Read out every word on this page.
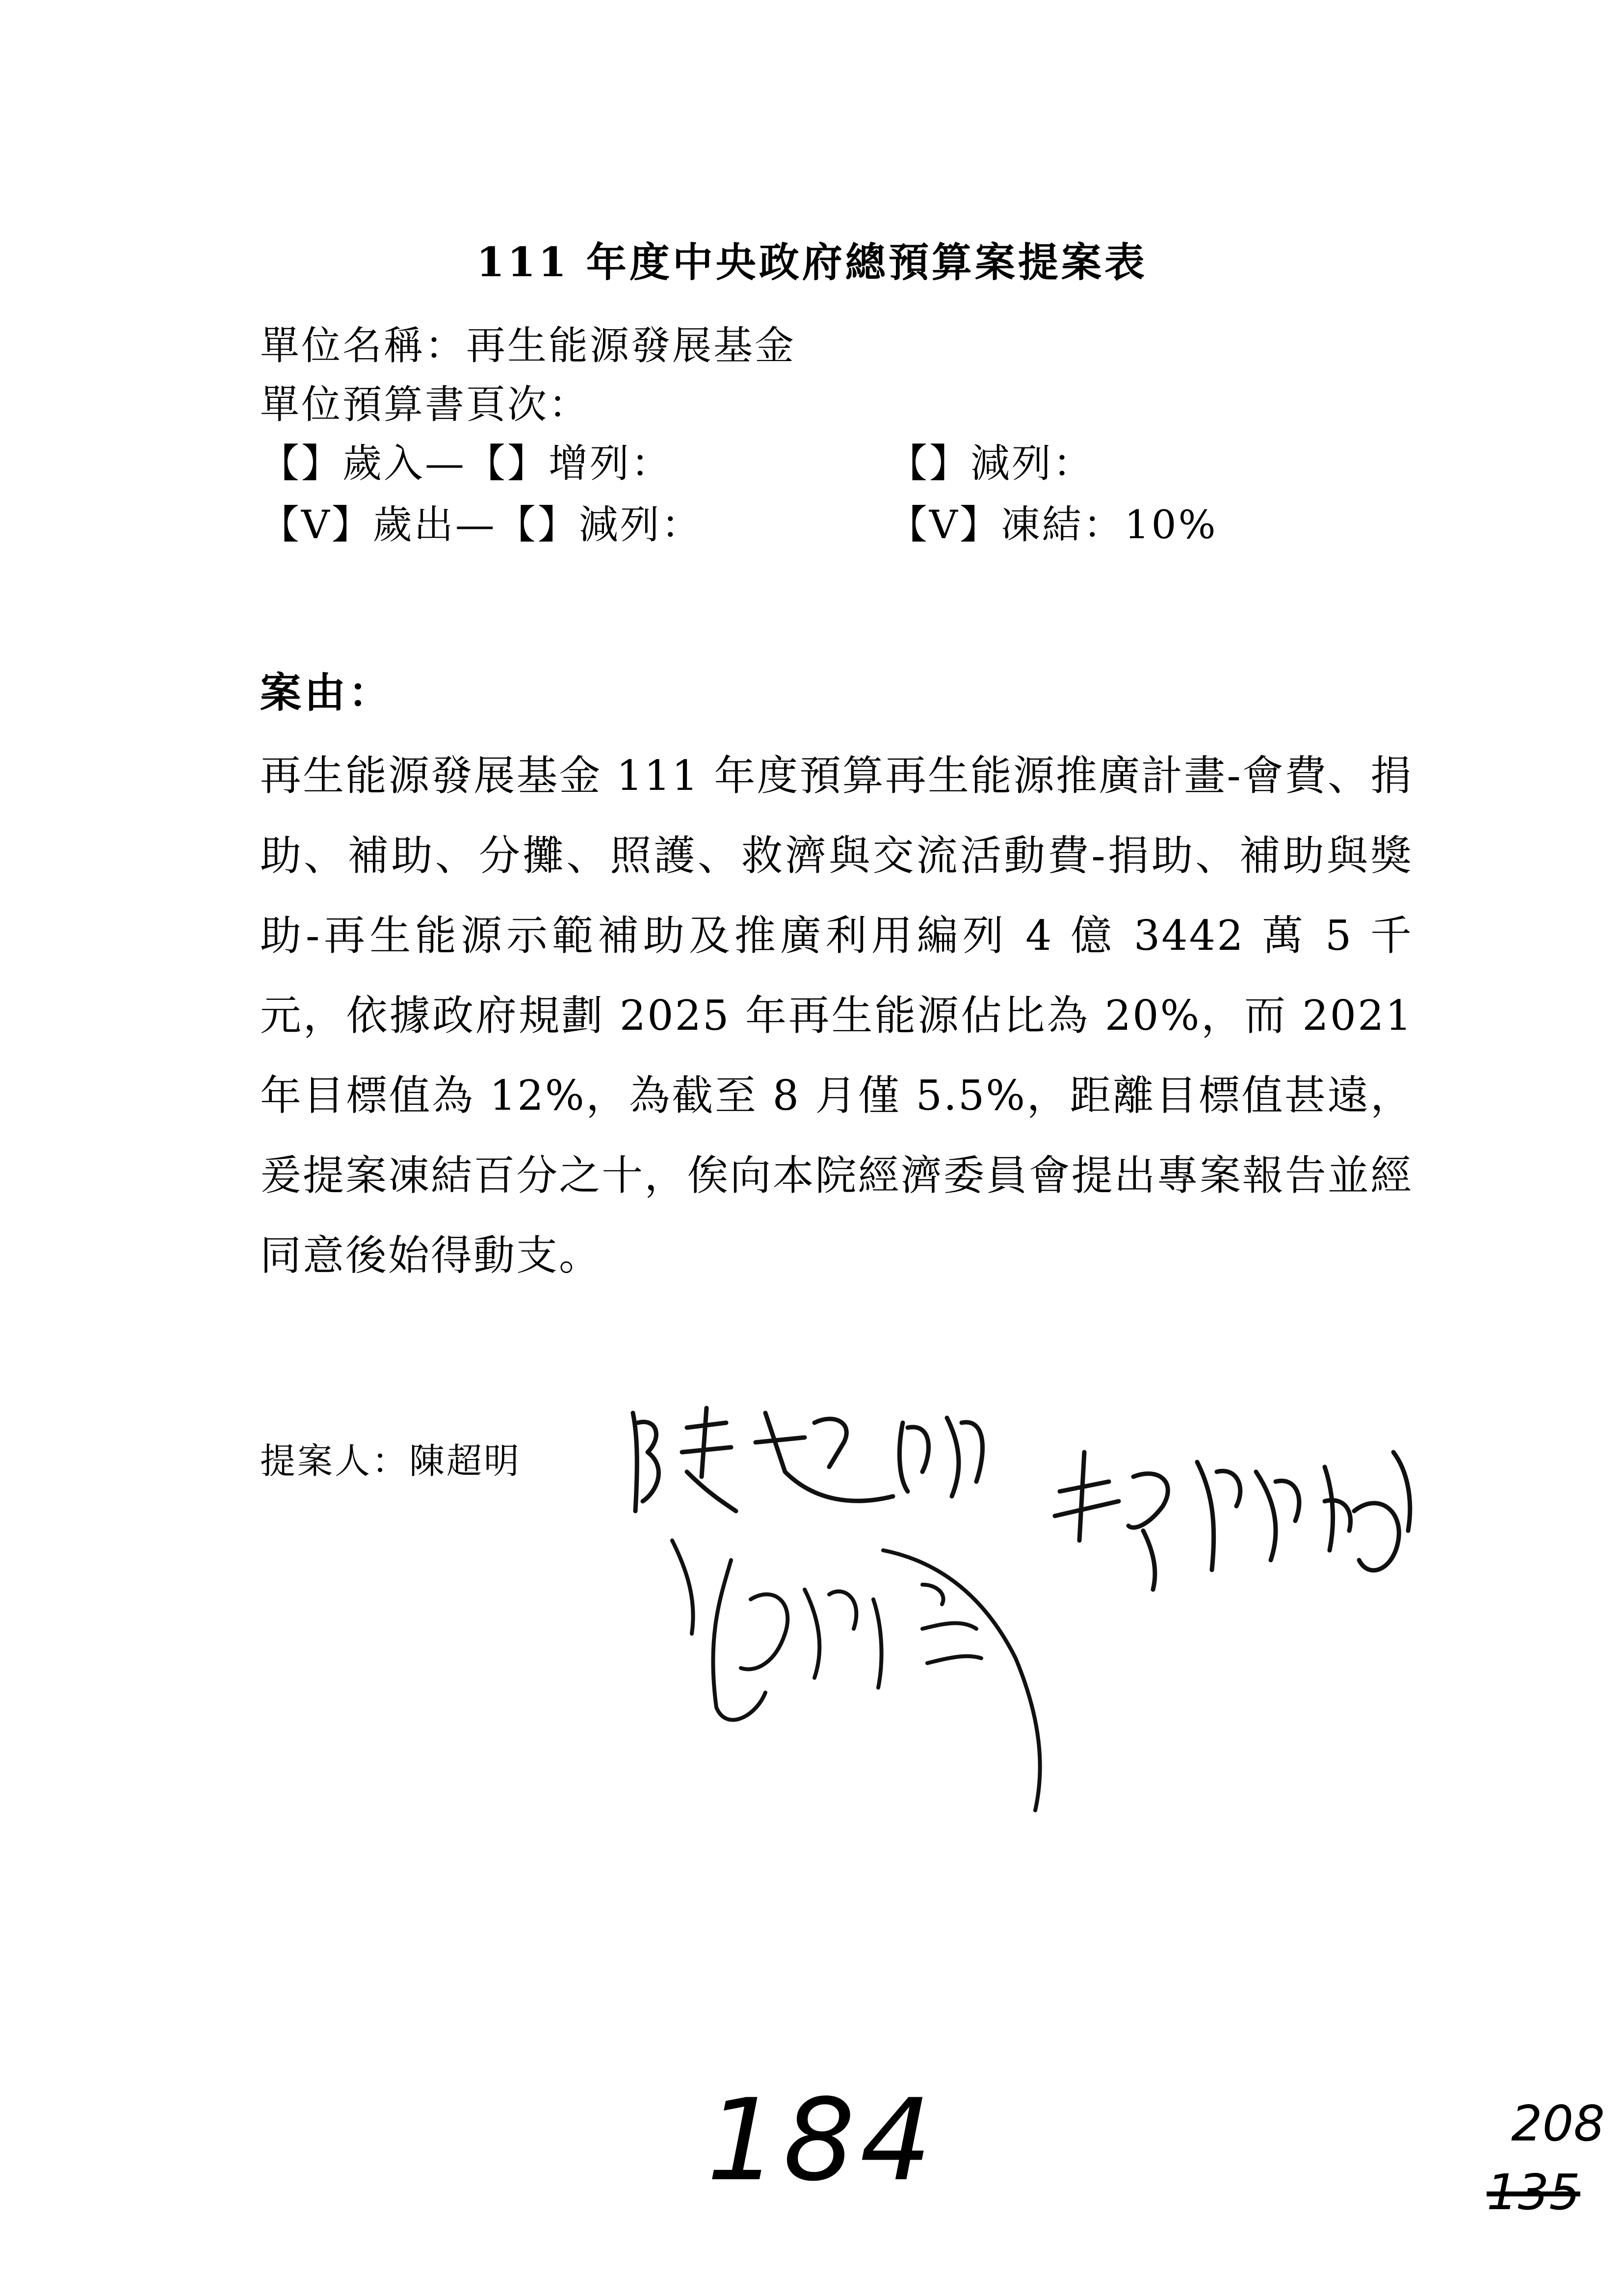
111 年度中央政府總預算案提案表
單位名稱：再生能源發展基金
單位預算書頁次：
【】歲入—【】增列：	【】減列：
【V】歲出—【】減列：	【V】凍結：10%
案由：
再生能源發展基金 111 年度預算再生能源推廣計畫-會費、捐助、補助、分攤、照護、救濟與交流活動費-捐助、補助與獎助-再生能源示範補助及推廣利用編列 4 億 3442 萬 5 千元，依據政府規劃 2025 年再生能源佔比為 20%，而 2021 年目標值為 12%，為截至 8 月僅 5.5%，距離目標值甚遠，爰提案凍結百分之十，俟向本院經濟委員會提出專案報告並經同意後始得動支。
提案人：陳超明
184	208
135
